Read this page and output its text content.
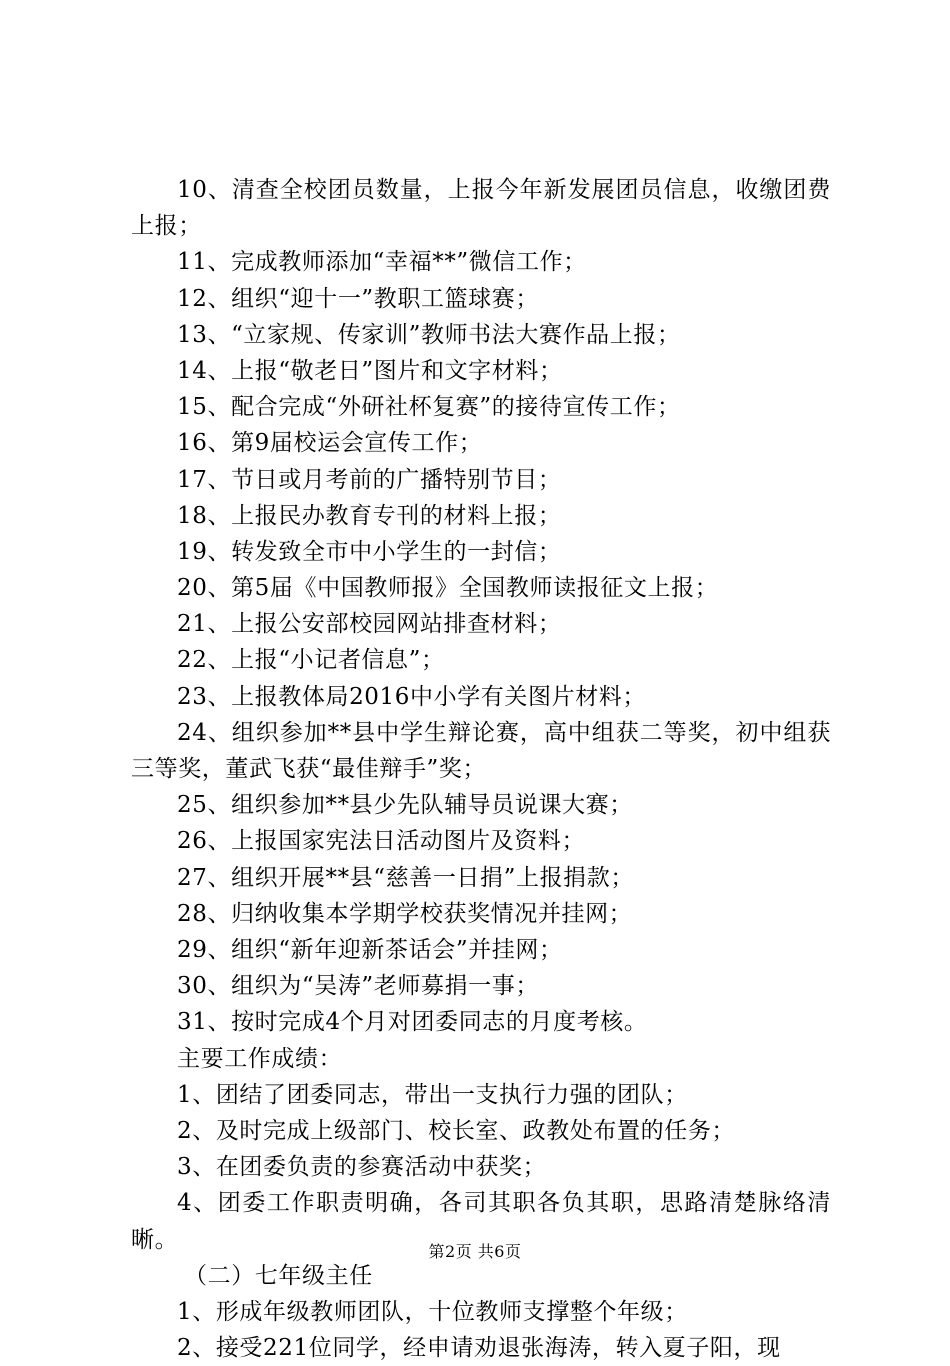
10、清查全校团员数量，上报今年新发展团员信息，收缴团费上报；
11、完成教师添加“幸福**”微信工作；
12、组织“迎十一”教职工篮球赛；
13、“立家规、传家训”教师书法大赛作品上报；
14、上报“敬老日”图片和文字材料；
15、配合完成“外研社杯复赛”的接待宣传工作；
16、第9届校运会宣传工作；
17、节日或月考前的广播特别节目；
18、上报民办教育专刊的材料上报；
19、转发致全市中小学生的一封信；
20、第5届《中国教师报》全国教师读报征文上报；
21、上报公安部校园网站排查材料；
22、上报“小记者信息”；
23、上报教体局2016中小学有关图片材料；
24、组织参加**县中学生辩论赛，高中组获二等奖，初中组获三等奖，董武飞获“最佳辩手”奖；
25、组织参加**县少先队辅导员说课大赛；
26、上报国家宪法日活动图片及资料；
27、组织开展**县“慈善一日捐”上报捐款；
28、归纳收集本学期学校获奖情况并挂网；
29、组织“新年迎新茶话会”并挂网；
30、组织为“吴涛”老师募捐一事；
31、按时完成4个月对团委同志的月度考核。
主要工作成绩：
1、团结了团委同志，带出一支执行力强的团队；
2、及时完成上级部门、校长室、政教处布置的任务；
3、在团委负责的参赛活动中获奖；
4、团委工作职责明确，各司其职各负其职，思路清楚脉络清晰。
（二）七年级主任
1、形成年级教师团队，十位教师支撑整个年级；
2、接受221位同学，经申请劝退张海涛，转入夏子阳，现
第2页 共6页
